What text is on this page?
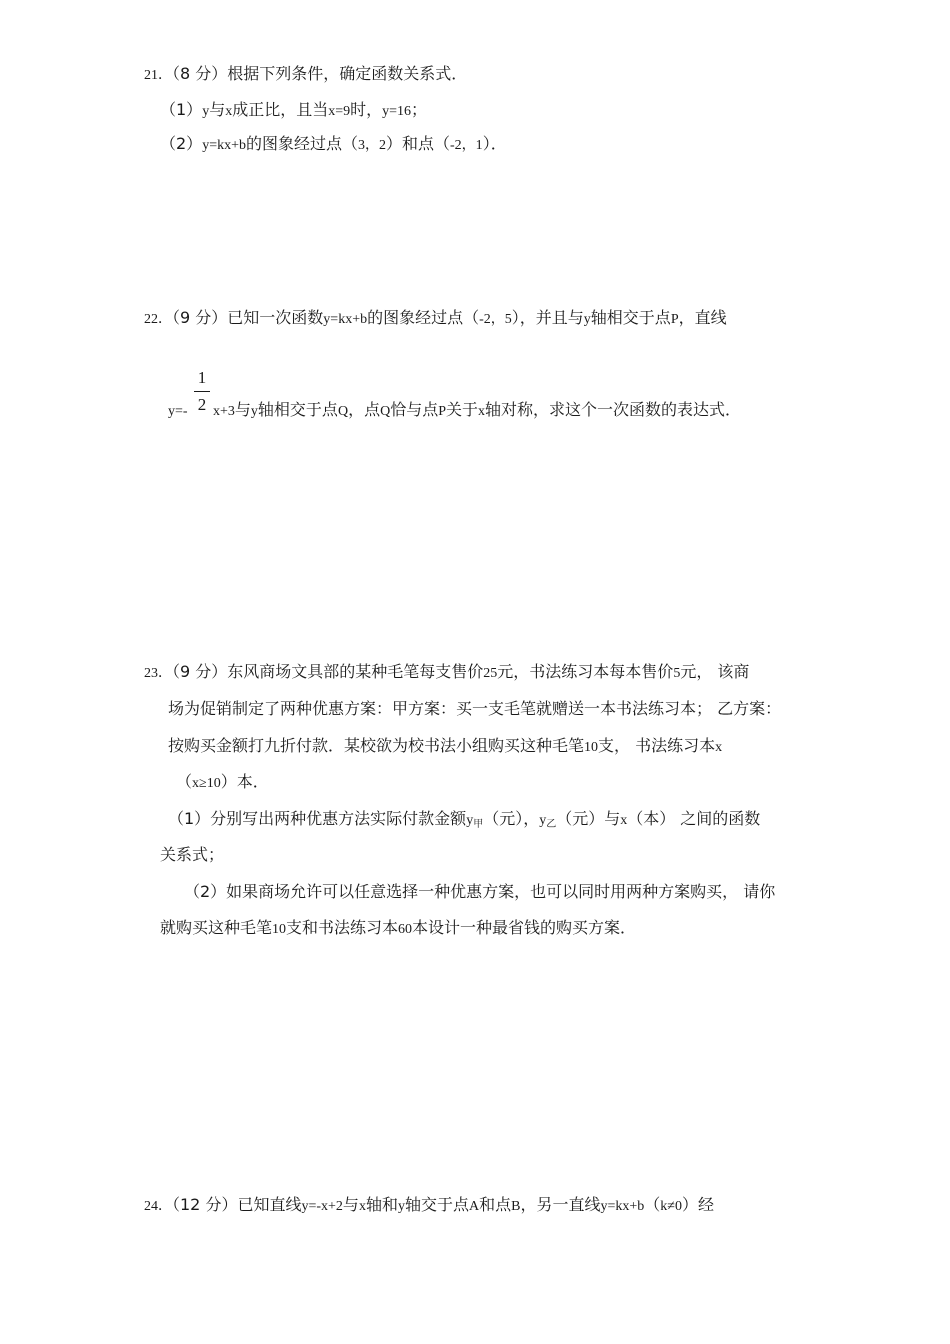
21．（8 分）根据下列条件，确定函数关系式．
（1）y与x成正比，且当x=9时，y=16；
（2）y=kx+b的图象经过点（3，2）和点（-2，1）．
22．（9 分）已知一次函数y=kx+b的图象经过点（-2，5），并且与y轴相交于点P，直线
1
2
y=- x+3与y轴相交于点Q，点Q恰与点P关于x轴对称，求这个一次函数的表达式．
23．（9 分）东风商场文具部的某种毛笔每支售价25元，书法练习本每本售价5元， 该商
场为促销制定了两种优惠方案：甲方案：买一支毛笔就赠送一本书法练习本； 乙方案：
按购买金额打九折付款．某校欲为校书法小组购买这种毛笔10支， 书法练习本x
（x≥10）本．
（1）分别写出两种优惠方法实际付款金额y甲（元），y乙（元）与x（本） 之间的函数
关系式；
（2）如果商场允许可以任意选择一种优惠方案，也可以同时用两种方案购买， 请你
就购买这种毛笔10支和书法练习本60本设计一种最省钱的购买方案．
24．（12 分）已知直线y=-x+2与x轴和y轴交于点A和点B，另一直线y=kx+b（k≠0）经
